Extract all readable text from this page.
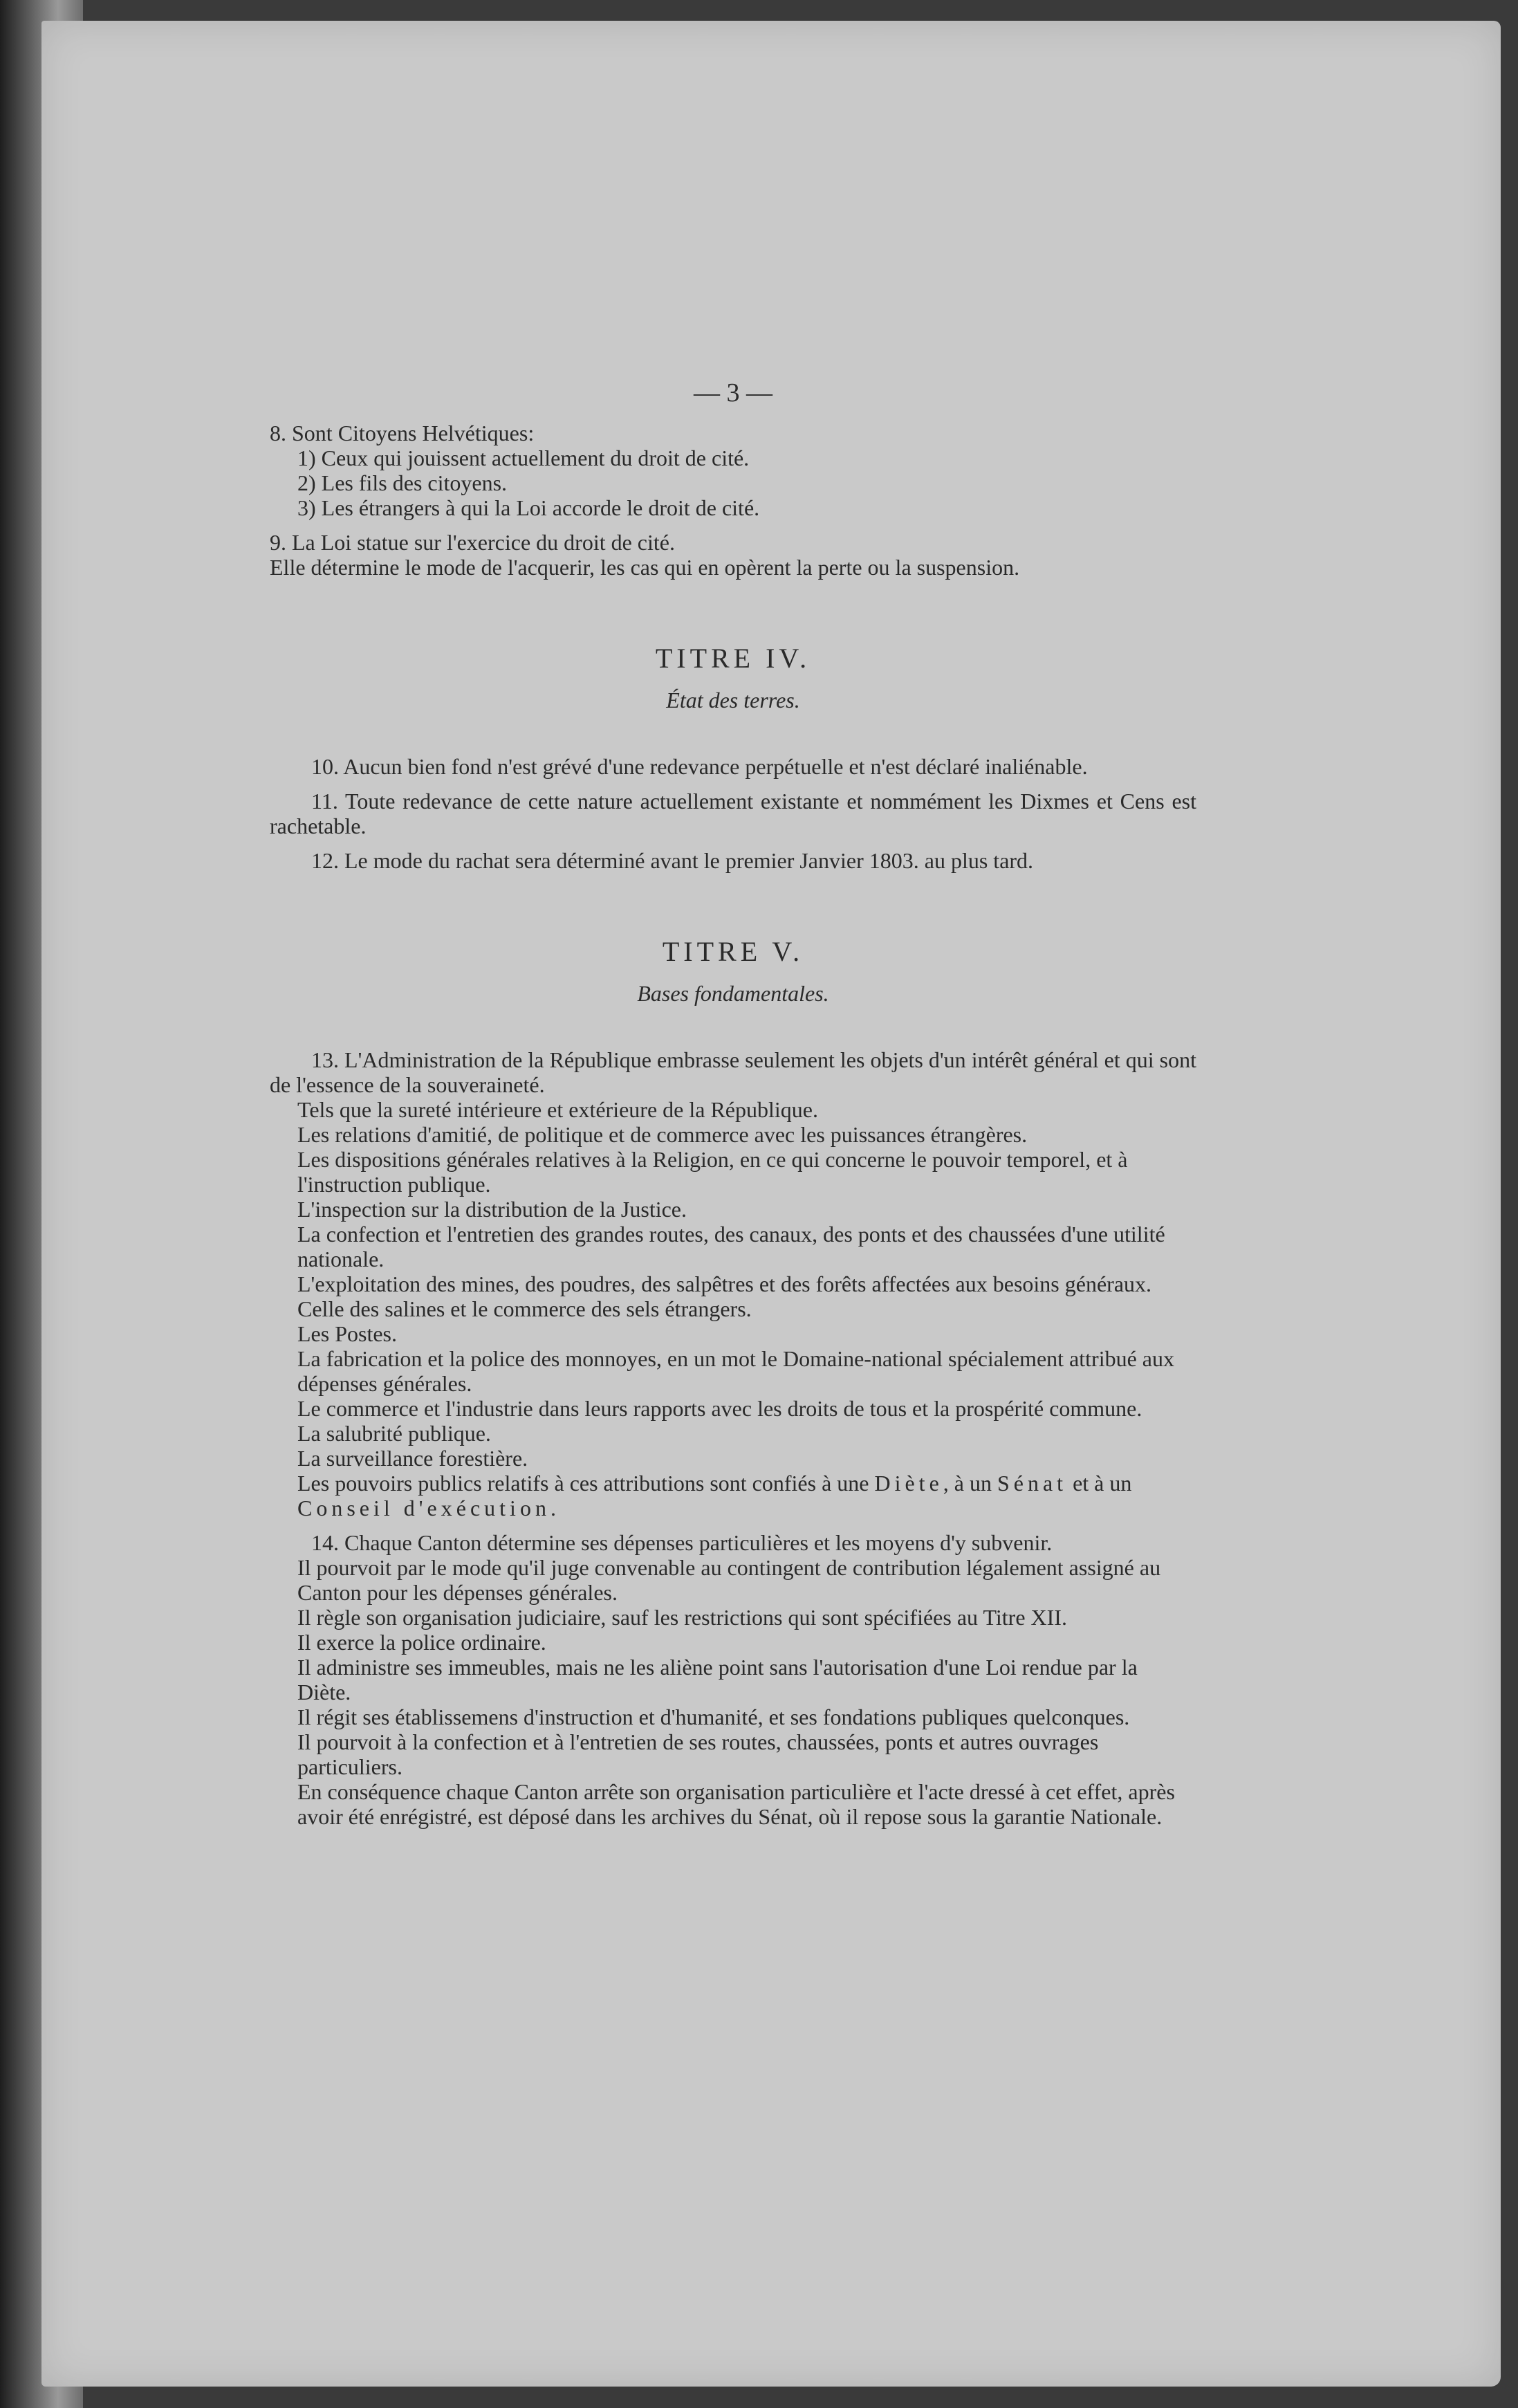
— 3 —

8. Sont Citoyens Helvétiques:

1) Ceux qui jouissent actuellement du droit de cité.

2) Les fils des citoyens.

3) Les étrangers à qui la Loi accorde le droit de cité.

9. La Loi statue sur l'exercice du droit de cité.

Elle détermine le mode de l'acquerir, les cas qui en opèrent la perte ou la suspension.

TITRE IV.

État des terres.

10. Aucun bien fond n'est grévé d'une redevance perpétuelle et n'est déclaré inaliénable.

11. Toute redevance de cette nature actuellement existante et nommément les Dixmes et Cens est rachetable.

12. Le mode du rachat sera déterminé avant le premier Janvier 1803. au plus tard.

TITRE V.

Bases fondamentales.

13. L'Administration de la République embrasse seulement les objets d'un intérêt général et qui sont de l'essence de la souveraineté.

Tels que la sureté intérieure et extérieure de la République.

Les relations d'amitié, de politique et de commerce avec les puissances étrangères.

Les dispositions générales relatives à la Religion, en ce qui concerne le pouvoir temporel, et à l'instruction publique.

L'inspection sur la distribution de la Justice.

La confection et l'entretien des grandes routes, des canaux, des ponts et des chaussées d'une utilité nationale.

L'exploitation des mines, des poudres, des salpêtres et des forêts affectées aux besoins généraux.

Celle des salines et le commerce des sels étrangers.

Les Postes.

La fabrication et la police des monnoyes, en un mot le Domaine-national spécialement attribué aux dépenses générales.

Le commerce et l'industrie dans leurs rapports avec les droits de tous et la prospérité commune.

La salubrité publique.

La surveillance forestière.

Les pouvoirs publics relatifs à ces attributions sont confiés à une Diète, à un Sénat et à un Conseil d'exécution.

14. Chaque Canton détermine ses dépenses particulières et les moyens d'y subvenir.

Il pourvoit par le mode qu'il juge convenable au contingent de contribution légalement assigné au Canton pour les dépenses générales.

Il règle son organisation judiciaire, sauf les restrictions qui sont spécifiées au Titre XII.

Il exerce la police ordinaire.

Il administre ses immeubles, mais ne les aliène point sans l'autorisation d'une Loi rendue par la Diète.

Il régit ses établissemens d'instruction et d'humanité, et ses fondations publiques quelconques.

Il pourvoit à la confection et à l'entretien de ses routes, chaussées, ponts et autres ouvrages particuliers.

En conséquence chaque Canton arrête son organisation particulière et l'acte dressé à cet effet, après avoir été enrégistré, est déposé dans les archives du Sénat, où il repose sous la garantie Nationale.
